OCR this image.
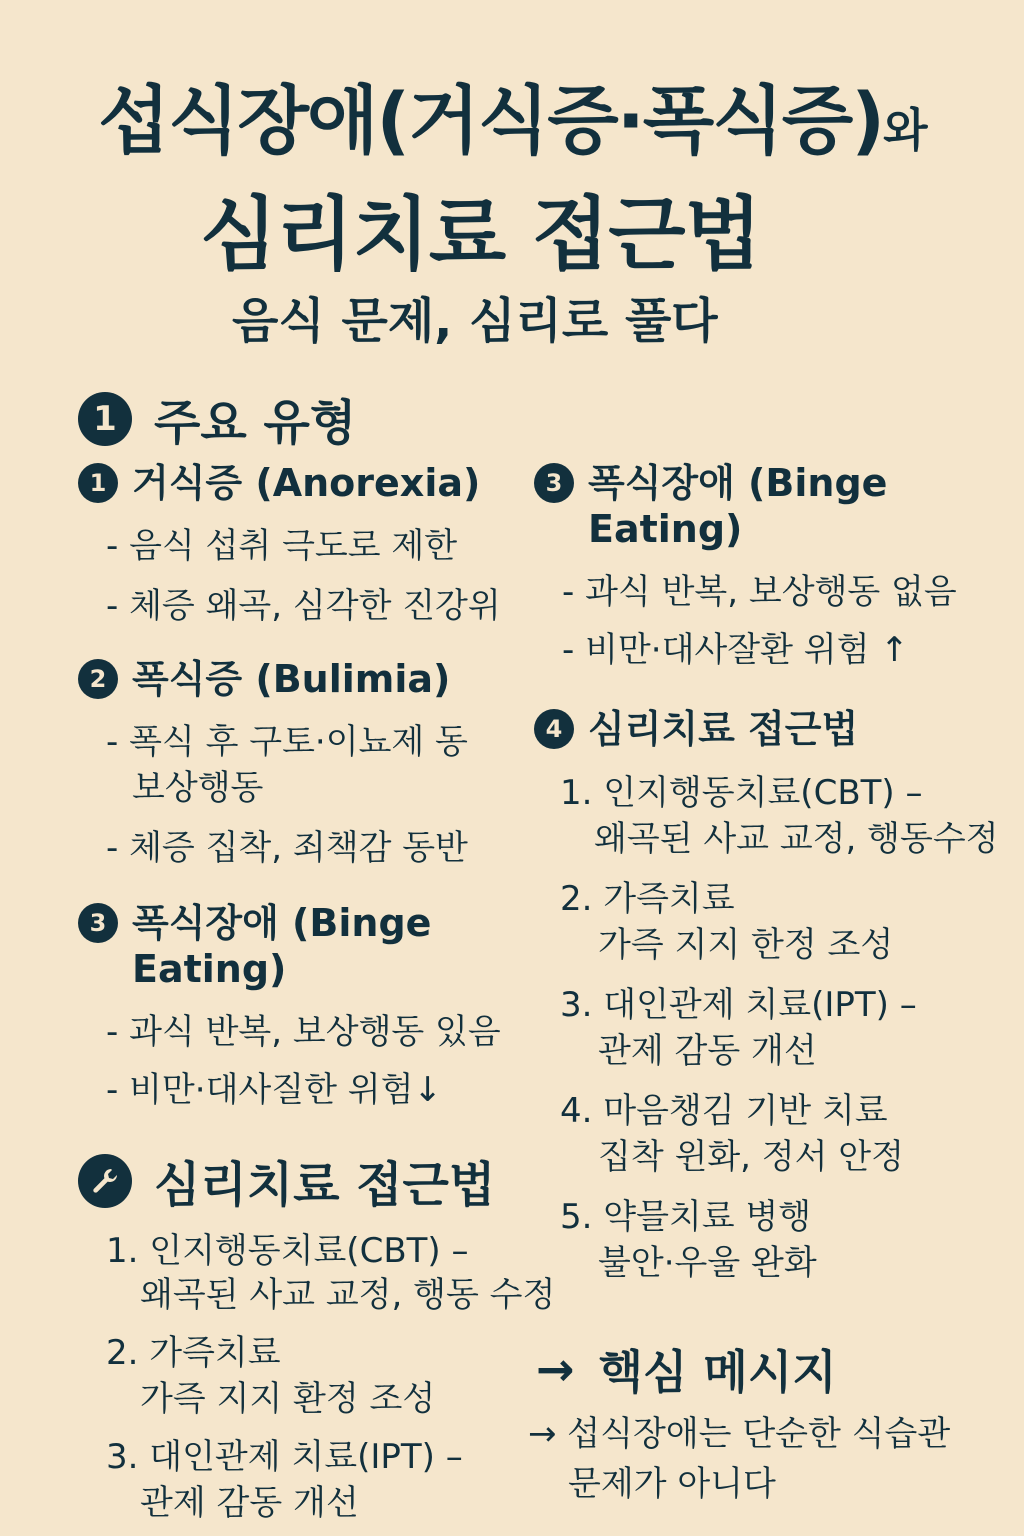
섭식장애(거식증·폭식증)와
심리치료 접근법
음식 문제, 심리로 풀다
1 주요 유형
1 거식증 (Anorexia)
- 음식 섭취 극도로 제한
- 체증 왜곡, 심각한 진강위
2 폭식증 (Bulimia)
- 폭식 후 구토·이뇨제 동
보상행동
- 체증 집착, 죄책감 동반
3 폭식장애 (Binge Eating)
- 과식 반복, 보상행동 있음
- 비만·대사질한 위험↓
심리치료 접근법
1. 인지행동치료(CBT) –
왜곡된 사교 교정, 행동 수정
2. 가즉치료
가즉 지지 환정 조성
3. 대인관제 치료(IPT) –
관제 감동 개선
3 폭식장애 (Binge Eating)
- 과식 반복, 보상행동 없음
- 비만·대사잘환 위험 ↑
4 심리치료 접근법
1. 인지행동치료(CBT) –
왜곡된 사교 교정, 행동수정
2. 가즉치료
가즉 지지 한정 조성
3. 대인관제 치료(IPT) –
관제 감동 개선
4. 마음챙김 기반 치료
집착 윈화, 정서 안정
5. 약믈치료 병행
불안·우울 완화
→ 핵심 메시지
→ 섭식장애는 단순한 식습관
문제가 아니다
